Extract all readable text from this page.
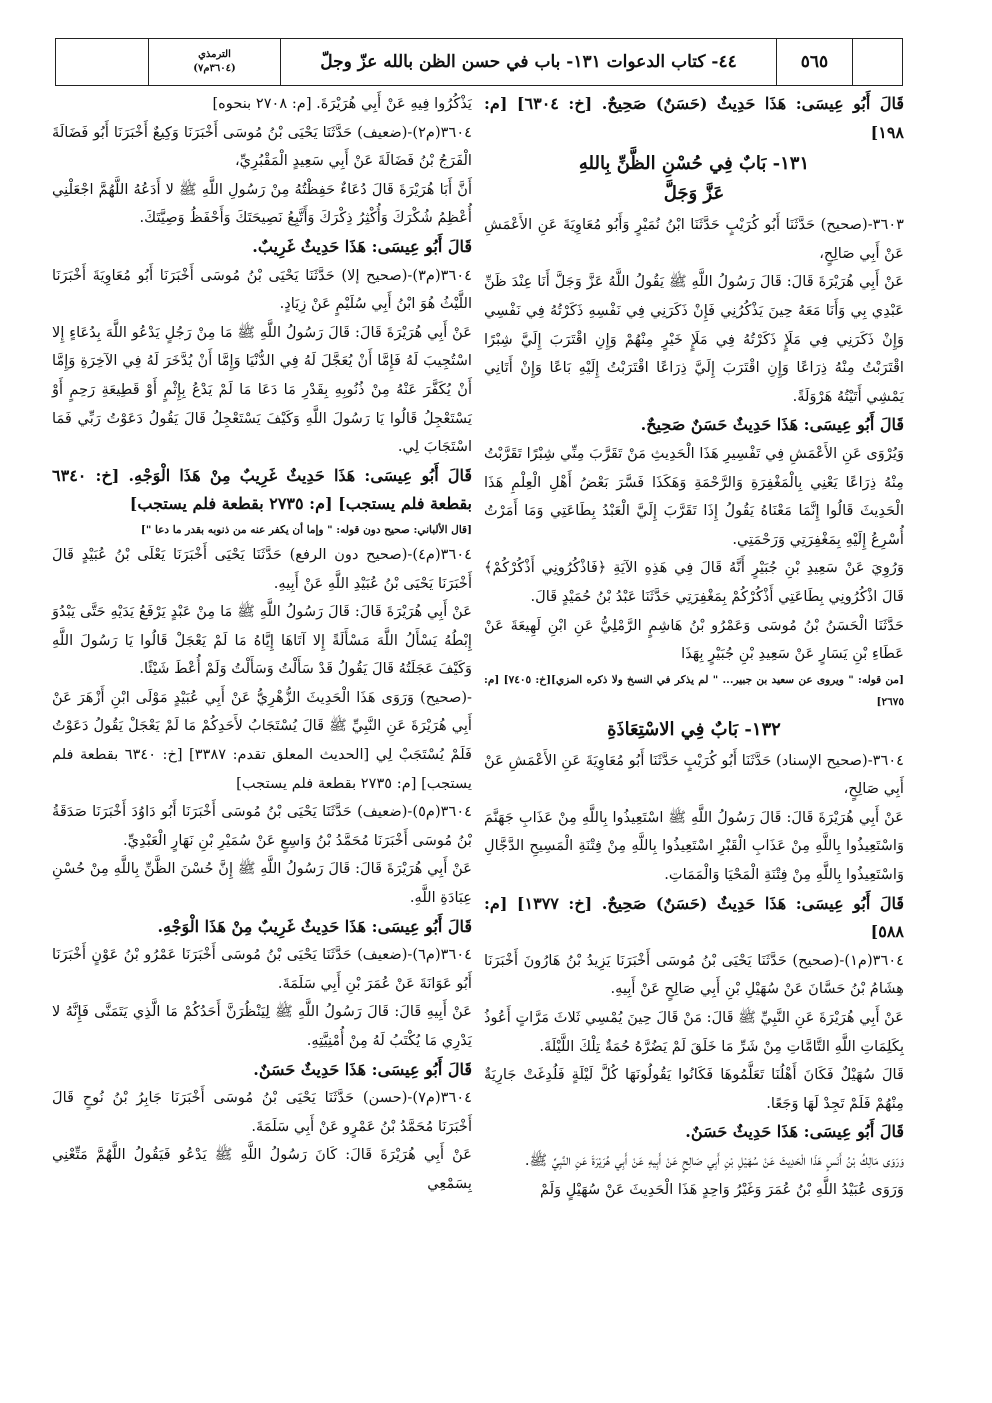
٥٦٥
٤٤- كتاب الدعوات ١٣١- باب في حسن الظن بالله عزّ وجلّ
الترمذي
(٣٦٠٤م٧)

قَالَ أَبُو عِيسَى: هَذَا حَدِيثٌ (حَسَنٌ) صَحِيحٌ. [خ: ٦٣٠٤] [م: ١٩٨]

١٣١- بَابٌ فِي حُسْنِ الظَّنِّ بِاللهِ
عَزَّ وَجَلَّ

٣٦٠٣-(صحيح) حَدَّثَنَا أَبُو كُرَيْبٍ حَدَّثَنَا ابْنُ نُمَيْرٍ وَأَبُو مُعَاوِيَةَ عَنِ الأَعْمَشِ عَنْ أَبِي صَالِحٍ،

عَنْ أَبِي هُرَيْرَةَ قَالَ: قَالَ رَسُولُ اللَّهِ ﷺ يَقُولُ اللَّهُ عَزَّ وَجَلَّ أَنَا عِنْدَ ظَنِّ عَبْدِي بِي وَأَنَا مَعَهُ حِينَ يَذْكُرُنِي فَإِنْ ذَكَرَنِي فِي نَفْسِهِ ذَكَرْتُهُ فِي نَفْسِي وَإِنْ ذَكَرَنِي فِي مَلَإٍ ذَكَرْتُهُ فِي مَلَإٍ خَيْرٍ مِنْهُمْ وَإِنِ اقْتَرَبَ إِلَيَّ شِبْرًا اقْتَرَبْتُ مِنْهُ ذِرَاعًا وَإِنِ اقْتَرَبَ إِلَيَّ ذِرَاعًا اقْتَرَبْتُ إِلَيْهِ بَاعًا وَإِنْ أَتَانِي يَمْشِي أَتَيْتُهُ هَرْوَلَةً.

قَالَ أَبُو عِيسَى: هَذَا حَدِيثٌ حَسَنٌ صَحِيحٌ.

وَيُرْوَى عَنِ الأَعْمَشِ فِي تَفْسِيرِ هَذَا الْحَدِيثِ مَنْ تَقَرَّبَ مِنِّي شِبْرًا تَقَرَّبْتُ مِنْهُ ذِرَاعًا يَعْنِي بِالْمَغْفِرَةِ وَالرَّحْمَةِ وَهَكَذَا فَسَّرَ بَعْضُ أَهْلِ الْعِلْمِ هَذَا الْحَدِيثَ قَالُوا إِنَّمَا مَعْنَاهُ يَقُولُ إِذَا تَقَرَّبَ إِلَيَّ الْعَبْدُ بِطَاعَتِي وَمَا أَمَرْتُ أُسْرِعُ إِلَيْهِ بِمَغْفِرَتِي وَرَحْمَتِي.

وَرُوِيَ عَنْ سَعِيدِ بْنِ جُبَيْرٍ أَنَّهُ قَالَ فِي هَذِهِ الآيَةِ ﴿فَاذْكُرُونِي أَذْكُرْكُمْ﴾ قَالَ اذْكُرُونِي بِطَاعَتِي أَذْكُرْكُمْ بِمَغْفِرَتِي حَدَّثَنَا عَبْدُ بْنُ حُمَيْدٍ قَالَ.

حَدَّثَنَا الْحَسَنُ بْنُ مُوسَى وَعَمْرُو بْنُ هَاشِمٍ الرَّمْلِيُّ عَنِ ابْنِ لَهِيعَةَ عَنْ عَطَاءِ بْنِ يَسَارٍ عَنْ سَعِيدِ بْنِ جُبَيْرٍ بِهَذَا

[من قوله: " ويروى عن سعيد بن جبير... " لم يذكر في النسخ ولا ذكره المزي][خ: ٧٤٠٥] [م: ٢٦٧٥]

١٣٢- بَابٌ فِي الاسْتِعَاذَةِ

٣٦٠٤-(صحيح الإسناد) حَدَّثَنَا أَبُو كُرَيْبٍ حَدَّثَنَا أَبُو مُعَاوِيَةَ عَنِ الأَعْمَشِ عَنْ أَبِي صَالِحٍ،

عَنْ أَبِي هُرَيْرَةَ قَالَ: قَالَ رَسُولُ اللَّهِ ﷺ اسْتَعِيذُوا بِاللَّهِ مِنْ عَذَابِ جَهَنَّمَ وَاسْتَعِيذُوا بِاللَّهِ مِنْ عَذَابِ الْقَبْرِ اسْتَعِيذُوا بِاللَّهِ مِنْ فِتْنَةِ الْمَسِيحِ الدَّجَّالِ وَاسْتَعِيذُوا بِاللَّهِ مِنْ فِتْنَةِ الْمَحْيَا وَالْمَمَاتِ.

قَالَ أَبُو عِيسَى: هَذَا حَدِيثٌ (حَسَنٌ) صَحِيحٌ. [خ: ١٣٧٧] [م: ٥٨٨]

٣٦٠٤(م١)-(صحيح) حَدَّثَنَا يَحْيَى بْنُ مُوسَى أَخْبَرَنَا يَزِيدُ بْنُ هَارُونَ أَخْبَرَنَا هِشَامُ بْنُ حَسَّانَ عَنْ سُهَيْلِ بْنِ أَبِي صَالِحٍ عَنْ أَبِيهِ.

عَنْ أَبِي هُرَيْرَةَ عَنِ النَّبِيِّ ﷺ قَالَ: مَنْ قَالَ حِينَ يُمْسِي ثَلاثَ مَرَّاتٍ أَعُوذُ بِكَلِمَاتِ اللَّهِ التَّامَّاتِ مِنْ شَرِّ مَا خَلَقَ لَمْ يَضُرَّهُ حُمَةٌ تِلْكَ اللَّيْلَةَ.

قَالَ سُهَيْلٌ فَكَانَ أَهْلُنَا تَعَلَّمُوهَا فَكَانُوا يَقُولُونَهَا كُلَّ لَيْلَةٍ فَلُدِغَتْ جَارِيَةٌ مِنْهُمْ فَلَمْ تَجِدْ لَهَا وَجَعًا.

قَالَ أَبُو عِيسَى: هَذَا حَدِيثٌ حَسَنٌ.

وَرَوَى مَالِكُ بْنُ أَنَسٍ هَذَا الْحَدِيثَ عَنْ سُهَيْلِ بْنِ أَبِي صَالِحٍ عَنْ أَبِيهِ عَنْ أَبِي هُرَيْرَةَ عَنِ النَّبِيِّ ﷺ.

وَرَوَى عُبَيْدُ اللَّهِ بْنُ عُمَرَ وَغَيْرُ وَاحِدٍ هَذَا الْحَدِيثَ عَنْ سُهَيْلٍ وَلَمْ

يَذْكُرُوا فِيهِ عَنْ أَبِي هُرَيْرَةَ. [م: ٢٧٠٨ بنحوه]

٣٦٠٤(م٢)-(ضعيف) حَدَّثَنَا يَحْيَى بْنُ مُوسَى أَخْبَرَنَا وَكِيعٌ أَخْبَرَنَا أَبُو فَضَالَةَ الْفَرَجُ بْنُ فَضَالَةَ عَنْ أَبِي سَعِيدٍ الْمَقْبُرِيِّ،

أَنَّ أَبَا هُرَيْرَةَ قَالَ دُعَاءٌ حَفِظْتُهُ مِنْ رَسُولِ اللَّهِ ﷺ لا أَدَعُهُ اللَّهُمَّ اجْعَلْنِي أُعْظِمُ شُكْرَكَ وَأُكْثِرُ ذِكْرَكَ وَأَتَّبِعُ نَصِيحَتَكَ وَأَحْفَظُ وَصِيَّتَكَ.

قَالَ أَبُو عِيسَى: هَذَا حَدِيثٌ غَرِيبٌ.

٣٦٠٤(م٣)-(صحيح إلا) حَدَّثَنَا يَحْيَى بْنُ مُوسَى أَخْبَرَنَا أَبُو مُعَاوِيَةَ أَخْبَرَنَا اللَّيْثُ هُوَ ابْنُ أَبِي سُلَيْمٍ عَنْ زِيَادٍ.

عَنْ أَبِي هُرَيْرَةَ قَالَ: قَالَ رَسُولُ اللَّهِ ﷺ مَا مِنْ رَجُلٍ يَدْعُو اللَّهَ بِدُعَاءٍ إِلا اسْتُجِيبَ لَهُ فَإِمَّا أَنْ يُعَجَّلَ لَهُ فِي الدُّنْيَا وَإِمَّا أَنْ يُدَّخَرَ لَهُ فِي الآخِرَةِ وَإِمَّا أَنْ يُكَفَّرَ عَنْهُ مِنْ ذُنُوبِهِ بِقَدْرِ مَا دَعَا مَا لَمْ يَدْعُ بِإِثْمٍ أَوْ قَطِيعَةِ رَحِمٍ أَوْ يَسْتَعْجِلُ قَالُوا يَا رَسُولَ اللَّهِ وَكَيْفَ يَسْتَعْجِلُ قَالَ يَقُولُ دَعَوْتُ رَبِّي فَمَا اسْتَجَابَ لِي.

قَالَ أَبُو عِيسَى: هَذَا حَدِيثٌ غَرِيبٌ مِنْ هَذَا الْوَجْهِ. [خ: ٦٣٤٠ بقطعة فلم يستجب] [م: ٢٧٣٥ بقطعة فلم يستجب]

[قال الألباني: صحيح دون قوله: " وإما أن يكفر عنه من ذنوبه بقدر ما دعا "]

٣٦٠٤(م٤)-(صحيح دون الرفع) حَدَّثَنَا يَحْيَى أَخْبَرَنَا يَعْلَى بْنُ عُبَيْدٍ قَالَ أَخْبَرَنَا يَحْيَى بْنُ عُبَيْدِ اللَّهِ عَنْ أَبِيهِ.

عَنْ أَبِي هُرَيْرَةَ قَالَ: قَالَ رَسُولُ اللَّهِ ﷺ مَا مِنْ عَبْدٍ يَرْفَعُ يَدَيْهِ حَتَّى يَبْدُوَ إِبْطُهُ يَسْأَلُ اللَّهَ مَسْأَلَةً إِلا آتَاهَا إِيَّاهُ مَا لَمْ يَعْجَلْ قَالُوا يَا رَسُولَ اللَّهِ وَكَيْفَ عَجَلَتُهُ قَالَ يَقُولُ قَدْ سَأَلْتُ وَسَأَلْتُ وَلَمْ أُعْطَ شَيْئًا.

-(صحيح) وَرَوَى هَذَا الْحَدِيثَ الزُّهْرِيُّ عَنْ أَبِي عُبَيْدٍ مَوْلَى ابْنِ أَزْهَرَ عَنْ أَبِي هُرَيْرَةَ عَنِ النَّبِيِّ ﷺ قَالَ يُسْتَجَابُ لأَحَدِكُمْ مَا لَمْ يَعْجَلْ يَقُولُ دَعَوْتُ فَلَمْ يُسْتَجَبْ لِي [الحديث المعلق تقدم: ٣٣٨٧] [خ: ٦٣٤٠ بقطعة فلم يستجب] [م: ٢٧٣٥ بقطعة فلم يستجب]

٣٦٠٤(م٥)-(ضعيف) حَدَّثَنَا يَحْيَى بْنُ مُوسَى أَخْبَرَنَا أَبُو دَاوُدَ أَخْبَرَنَا صَدَقَةُ بْنُ مُوسَى أَخْبَرَنَا مُحَمَّدُ بْنُ وَاسِعٍ عَنْ سُمَيْرِ بْنِ نَهَارٍ الْعَبْدِيِّ.

عَنْ أَبِي هُرَيْرَةَ قَالَ: قَالَ رَسُولُ اللَّهِ ﷺ إِنَّ حُسْنَ الظَّنِّ بِاللَّهِ مِنْ حُسْنِ عِبَادَةِ اللَّهِ.

قَالَ أَبُو عِيسَى: هَذَا حَدِيثٌ غَرِيبٌ مِنْ هَذَا الْوَجْهِ.

٣٦٠٤(م٦)-(ضعيف) حَدَّثَنَا يَحْيَى بْنُ مُوسَى أَخْبَرَنَا عَمْرُو بْنُ عَوْنٍ أَخْبَرَنَا أَبُو عَوَانَةَ عَنْ عُمَرَ بْنِ أَبِي سَلَمَةَ.

عَنْ أَبِيهِ قَالَ: قَالَ رَسُولُ اللَّهِ ﷺ لِيَنْظُرَنَّ أَحَدُكُمْ مَا الَّذِي يَتَمَنَّى فَإِنَّهُ لا يَدْرِي مَا يُكْتَبُ لَهُ مِنْ أُمْنِيَّتِهِ.

قَالَ أَبُو عِيسَى: هَذَا حَدِيثٌ حَسَنٌ.

٣٦٠٤(م٧)-(حسن) حَدَّثَنَا يَحْيَى بْنُ مُوسَى أَخْبَرَنَا جَابِرُ بْنُ نُوحٍ قَالَ أَخْبَرَنَا مُحَمَّدُ بْنُ عَمْرٍو عَنْ أَبِي سَلَمَةَ.

عَنْ أَبِي هُرَيْرَةَ قَالَ: كَانَ رَسُولُ اللَّهِ ﷺ يَدْعُو فَيَقُولُ اللَّهُمَّ مَتِّعْنِي بِسَمْعِي
